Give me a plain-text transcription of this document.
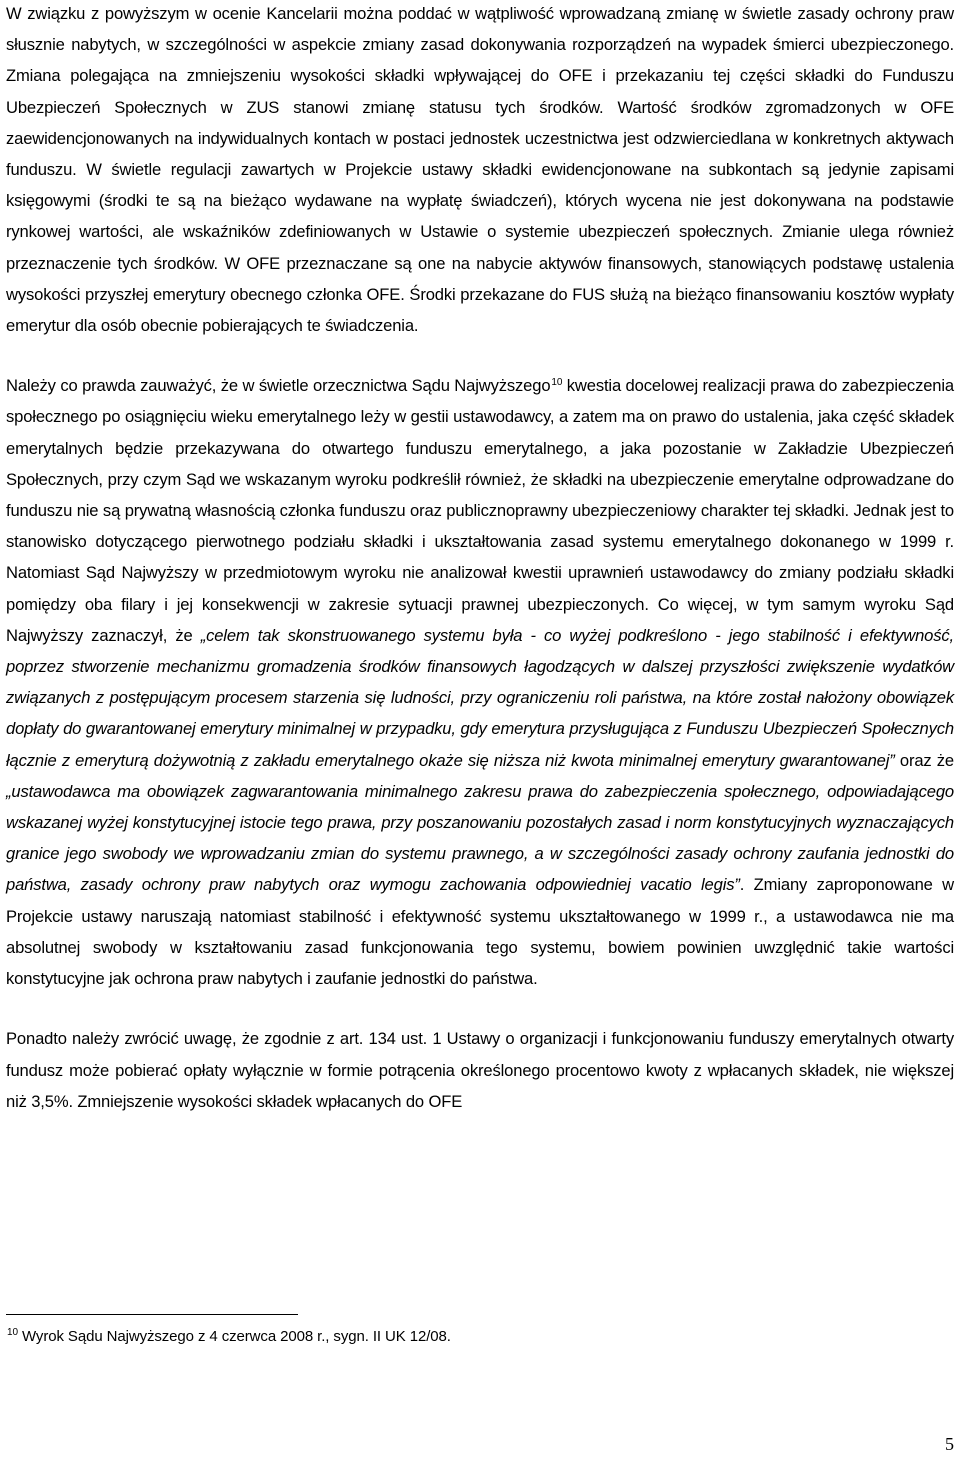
W związku z powyższym w ocenie Kancelarii można poddać w wątpliwość wprowadzaną zmianę w świetle zasady ochrony praw słusznie nabytych, w szczególności w aspekcie zmiany zasad dokonywania rozporządzeń na wypadek śmierci ubezpieczonego. Zmiana polegająca na zmniejszeniu wysokości składki wpływającej do OFE i przekazaniu tej części składki do Funduszu Ubezpieczeń Społecznych w ZUS stanowi zmianę statusu tych środków. Wartość środków zgromadzonych w OFE zaewidencjonowanych na indywidualnych kontach w postaci jednostek uczestnictwa jest odzwierciedlana w konkretnych aktywach funduszu. W świetle regulacji zawartych w Projekcie ustawy składki ewidencjonowane na subkontach są jedynie zapisami księgowymi (środki te są na bieżąco wydawane na wypłatę świadczeń), których wycena nie jest dokonywana na podstawie rynkowej wartości, ale wskaźników zdefiniowanych w Ustawie o systemie ubezpieczeń społecznych. Zmianie ulega również przeznaczenie tych środków. W OFE przeznaczane są one na nabycie aktywów finansowych, stanowiących podstawę ustalenia wysokości przyszłej emerytury obecnego członka OFE. Środki przekazane do FUS służą na bieżąco finansowaniu kosztów wypłaty emerytur dla osób obecnie pobierających te świadczenia.

Należy co prawda zauważyć, że w świetle orzecznictwa Sądu Najwyższego$^{10}$ kwestia docelowej realizacji prawa do zabezpieczenia społecznego po osiągnięciu wieku emerytalnego leży w gestii ustawodawcy, a zatem ma on prawo do ustalenia, jaka część składek emerytalnych będzie przekazywana do otwartego funduszu emerytalnego, a jaka pozostanie w Zakładzie Ubezpieczeń Społecznych, przy czym Sąd we wskazanym wyroku podkreślił również, że składki na ubezpieczenie emerytalne odprowadzane do funduszu nie są prywatną własnością członka funduszu oraz publicznoprawny ubezpieczeniowy charakter tej składki. Jednak jest to stanowisko dotyczącego pierwotnego podziału składki i ukształtowania zasad systemu emerytalnego dokonanego w 1999 r. Natomiast Sąd Najwyższy w przedmiotowym wyroku nie analizował kwestii uprawnień ustawodawcy do zmiany podziału składki pomiędzy oba filary i jej konsekwencji w zakresie sytuacji prawnej ubezpieczonych. Co więcej, w tym samym wyroku Sąd Najwyższy zaznaczył, że „celem tak skonstruowanego systemu była - co wyżej podkreślono - jego stabilność i efektywność, poprzez stworzenie mechanizmu gromadzenia środków finansowych łagodzących w dalszej przyszłości zwiększenie wydatków związanych z postępującym procesem starzenia się ludności, przy ograniczeniu roli państwa, na które został nałożony obowiązek dopłaty do gwarantowanej emerytury minimalnej w przypadku, gdy emerytura przysługująca z Funduszu Ubezpieczeń Społecznych łącznie z emeryturą dożywotnią z zakładu emerytalnego okaże się niższa niż kwota minimalnej emerytury gwarantowanej” oraz że „ustawodawca ma obowiązek zagwarantowania minimalnego zakresu prawa do zabezpieczenia społecznego, odpowiadającego wskazanej wyżej konstytucyjnej istocie tego prawa, przy poszanowaniu pozostałych zasad i norm konstytucyjnych wyznaczających granice jego swobody we wprowadzaniu zmian do systemu prawnego, a w szczególności zasady ochrony zaufania jednostki do państwa, zasady ochrony praw nabytych oraz wymogu zachowania odpowiedniej vacatio legis”. Zmiany zaproponowane w Projekcie ustawy naruszają natomiast stabilność i efektywność systemu ukształtowanego w 1999 r., a ustawodawca nie ma absolutnej swobody w kształtowaniu zasad funkcjonowania tego systemu, bowiem powinien uwzględnić takie wartości konstytucyjne jak ochrona praw nabytych i zaufanie jednostki do państwa.

Ponadto należy zwrócić uwagę, że zgodnie z art. 134 ust. 1 Ustawy o organizacji i funkcjonowaniu funduszy emerytalnych otwarty fundusz może pobierać opłaty wyłącznie w formie potrącenia określonego procentowo kwoty z wpłacanych składek, nie większej niż 3,5%. Zmniejszenie wysokości składek wpłacanych do OFE

$^{10}$ Wyrok Sądu Najwyższego z 4 czerwca 2008 r., sygn. II UK 12/08.
5
